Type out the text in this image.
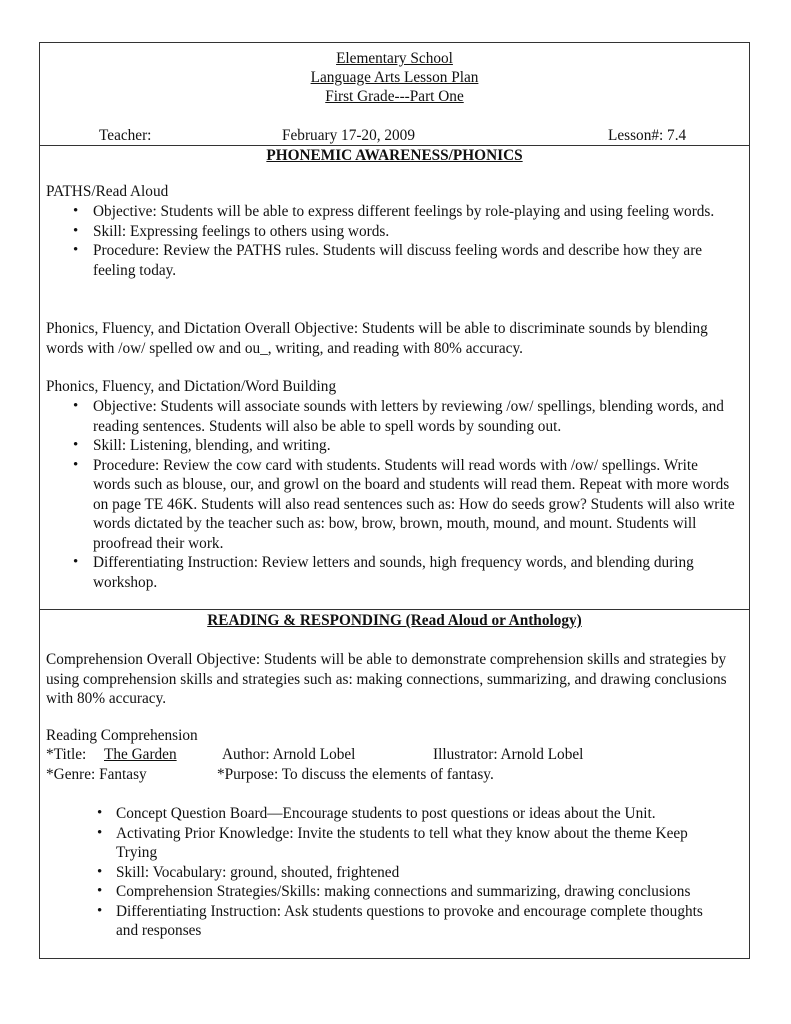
Elementary School
Language Arts Lesson Plan
First Grade---Part One
Teacher:	February 17-20, 2009	Lesson#: 7.4
PHONEMIC AWARENESS/PHONICS
PATHS/Read Aloud
• Objective: Students will be able to express different feelings by role-playing and using feeling words.
• Skill: Expressing feelings to others using words.
• Procedure: Review the PATHS rules. Students will discuss feeling words and describe how they are feeling today.
Phonics, Fluency, and Dictation Overall Objective: Students will be able to discriminate sounds by blending words with /ow/ spelled ow and ou_, writing, and reading with 80% accuracy.
Phonics, Fluency, and Dictation/Word Building
• Objective: Students will associate sounds with letters by reviewing /ow/ spellings, blending words, and reading sentences. Students will also be able to spell words by sounding out.
• Skill: Listening, blending, and writing.
• Procedure: Review the cow card with students. Students will read words with /ow/ spellings. Write words such as blouse, our, and growl on the board and students will read them. Repeat with more words on page TE 46K. Students will also read sentences such as: How do seeds grow? Students will also write words dictated by the teacher such as: bow, brow, brown, mouth, mound, and mount. Students will proofread their work.
• Differentiating Instruction: Review letters and sounds, high frequency words, and blending during workshop.
READING & RESPONDING (Read Aloud or Anthology)
Comprehension Overall Objective: Students will be able to demonstrate comprehension skills and strategies by using comprehension skills and strategies such as: making connections, summarizing, and drawing conclusions with 80% accuracy.
Reading Comprehension
*Title: The Garden	Author: Arnold Lobel	Illustrator: Arnold Lobel
*Genre: Fantasy	*Purpose: To discuss the elements of fantasy.
• Concept Question Board—Encourage students to post questions or ideas about the Unit.
• Activating Prior Knowledge: Invite the students to tell what they know about the theme Keep Trying
• Skill: Vocabulary: ground, shouted, frightened
• Comprehension Strategies/Skills: making connections and summarizing, drawing conclusions
• Differentiating Instruction: Ask students questions to provoke and encourage complete thoughts and responses
